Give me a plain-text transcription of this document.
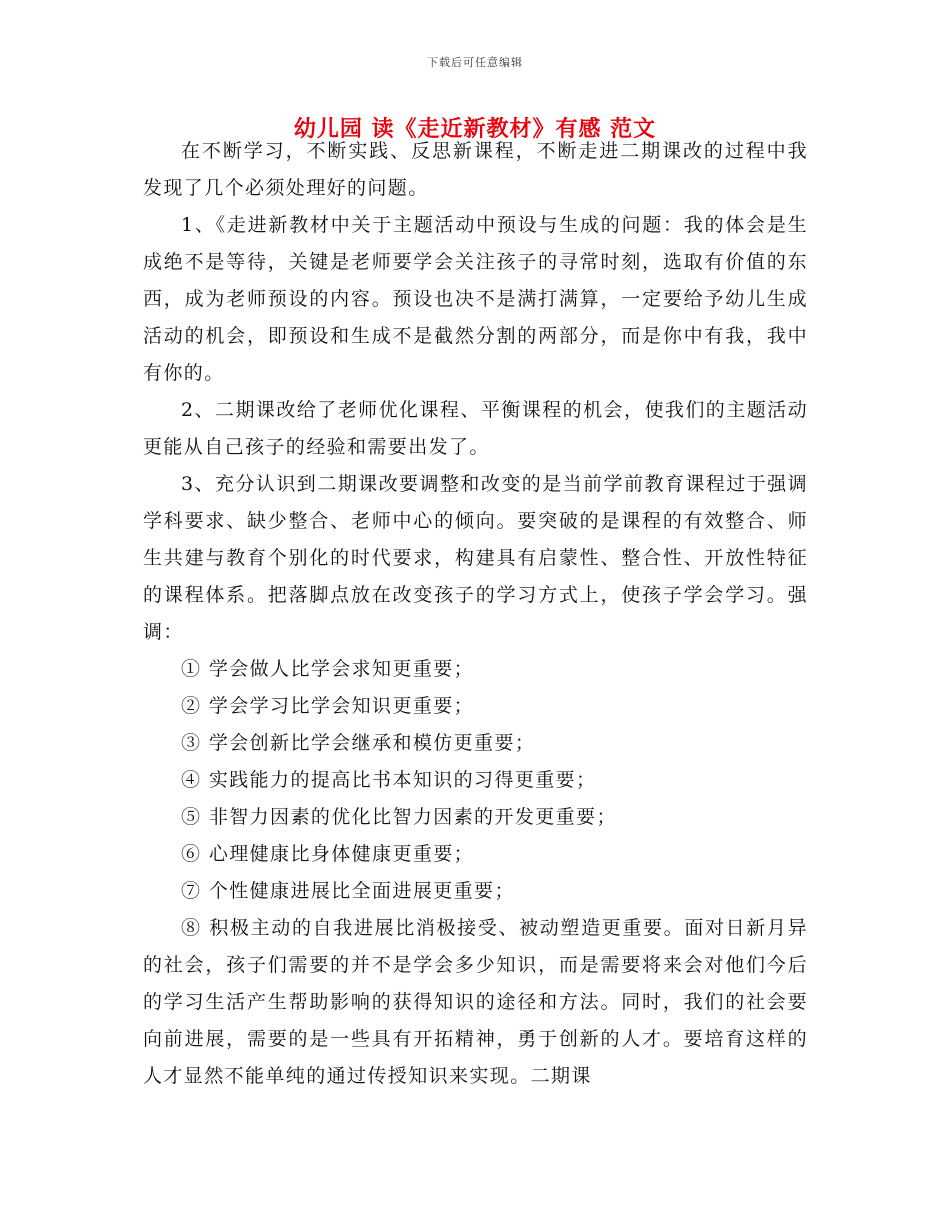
下载后可任意编辑
幼儿园 读《走近新教材》有感 范文

在不断学习，不断实践、反思新课程，不断走进二期课改的过程中我发现了几个必须处理好的问题。

1、《走进新教材中关于主题活动中预设与生成的问题：我的体会是生成绝不是等待，关键是老师要学会关注孩子的寻常时刻，选取有价值的东西，成为老师预设的内容。预设也决不是满打满算，一定要给予幼儿生成活动的机会，即预设和生成不是截然分割的两部分，而是你中有我，我中有你的。

2、二期课改给了老师优化课程、平衡课程的机会，使我们的主题活动更能从自己孩子的经验和需要出发了。

3、充分认识到二期课改要调整和改变的是当前学前教育课程过于强调学科要求、缺少整合、老师中心的倾向。要突破的是课程的有效整合、师生共建与教育个别化的时代要求，构建具有启蒙性、整合性、开放性特征的课程体系。把落脚点放在改变孩子的学习方式上，使孩子学会学习。强调：

① 学会做人比学会求知更重要；

② 学会学习比学会知识更重要；

③ 学会创新比学会继承和模仿更重要；

④ 实践能力的提高比书本知识的习得更重要；

⑤ 非智力因素的优化比智力因素的开发更重要；

⑥ 心理健康比身体健康更重要；

⑦ 个性健康进展比全面进展更重要；

⑧ 积极主动的自我进展比消极接受、被动塑造更重要。面对日新月异的社会，孩子们需要的并不是学会多少知识，而是需要将来会对他们今后的学习生活产生帮助影响的获得知识的途径和方法。同时，我们的社会要向前进展，需要的是一些具有开拓精神，勇于创新的人才。要培育这样的人才显然不能单纯的通过传授知识来实现。二期课
